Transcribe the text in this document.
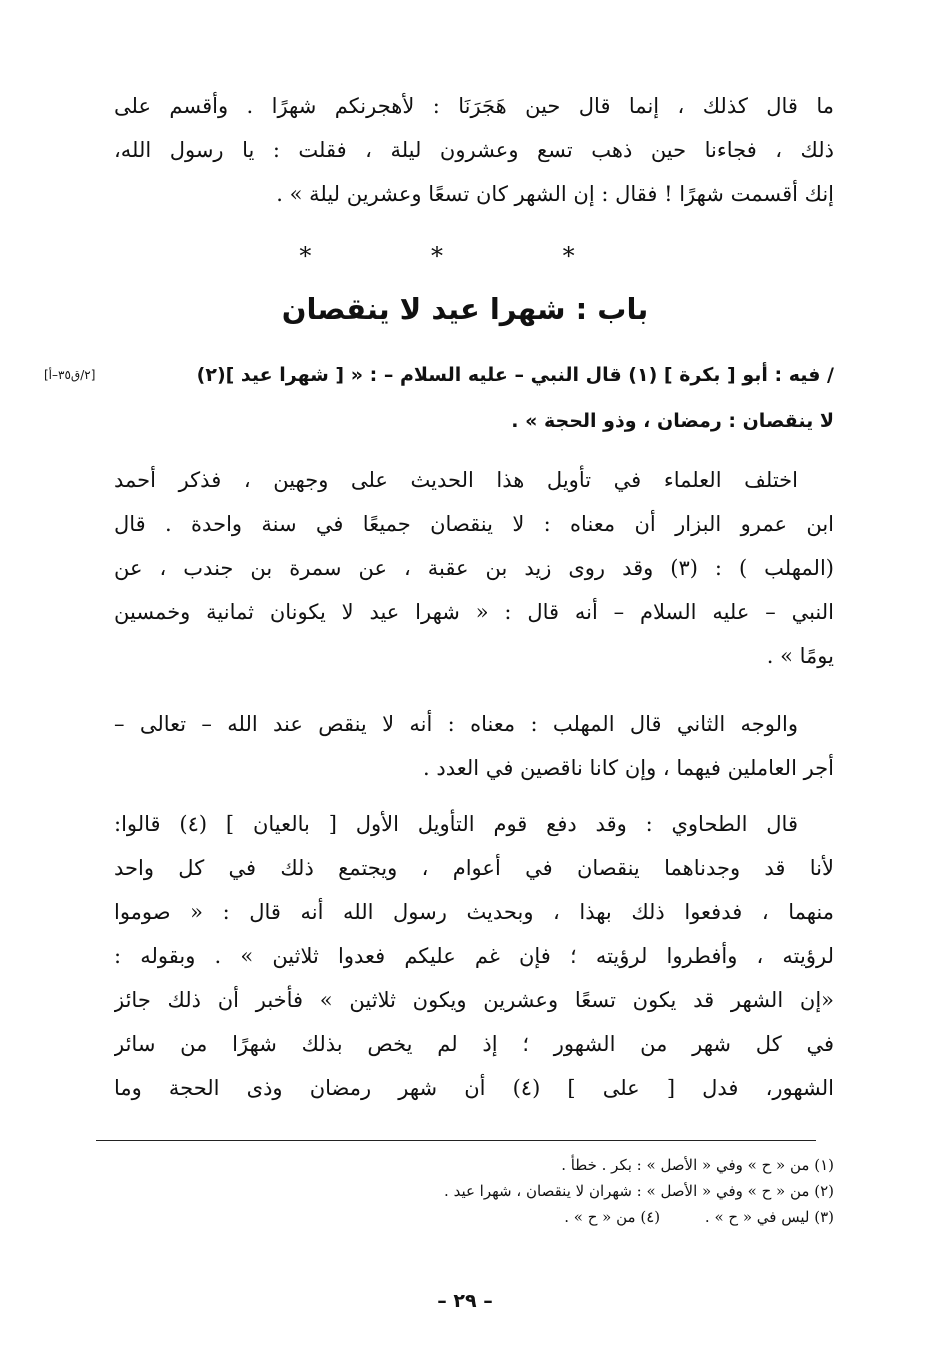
ما قال كذلك ، إنما قال حين هَجَرَنَا : لأهجرنكم شهرًا . وأقسم على
ذلك ، فجاءنا حين ذهب تسع وعشرون ليلة ، فقلت : يا رسول الله،
إنك أقسمت شهرًا ! فقال : إن الشهر كان تسعًا وعشرين ليلة » .
* * *
باب : شهرا عيد لا ينقصان
/ فيه : أبو [ بكرة ] (١) قال النبي – عليه السلام – : « [ شهرا عيد ](٢)
لا ينقصان : رمضان ، وذو الحجة » .
[٢/ق٣٥–أ]
اختلف العلماء في تأويل هذا الحديث على وجهين ، فذكر أحمد
ابن عمرو البزار أن معناه : لا ينقصان جميعًا في سنة واحدة . قال
(المهلب ) : (٣) وقد روى زيد بن عقبة ، عن سمرة بن جندب ، عن
النبي – عليه السلام – أنه قال : « شهرا عيد لا يكونان ثمانية وخمسين
يومًا » .
والوجه الثاني قال المهلب : معناه : أنه لا ينقص عند الله – تعالى –
أجر العاملين فيهما ، وإن كانا ناقصين في العدد .
قال الطحاوي : وقد دفع قوم التأويل الأول [ بالعيان ] (٤) قالوا:
لأنا قد وجدناهما ينقصان في أعوام ، ويجتمع ذلك في كل واحد
منهما ، فدفعوا ذلك بهذا ، وبحديث رسول الله أنه قال : « صوموا
لرؤيته ، وأفطروا لرؤيته ؛ فإن غم عليكم فعدوا ثلاثين » . وبقوله :
«إن الشهر قد يكون تسعًا وعشرين ويكون ثلاثين » فأخبر أن ذلك جائز
في كل شهر من الشهور ؛ إذ لم يخص بذلك شهرًا من سائر
الشهور، فدل [ على ] (٤) أن شهر رمضان وذى الحجة وما
(١) من « ح » وفي « الأصل » : بكر . خطأ .
(٢) من « ح » وفي « الأصل » : شهران لا ينقصان ، شهرا عيد .
(٣) ليس في « ح » . (٤) من « ح » .
– ٢٩ –
